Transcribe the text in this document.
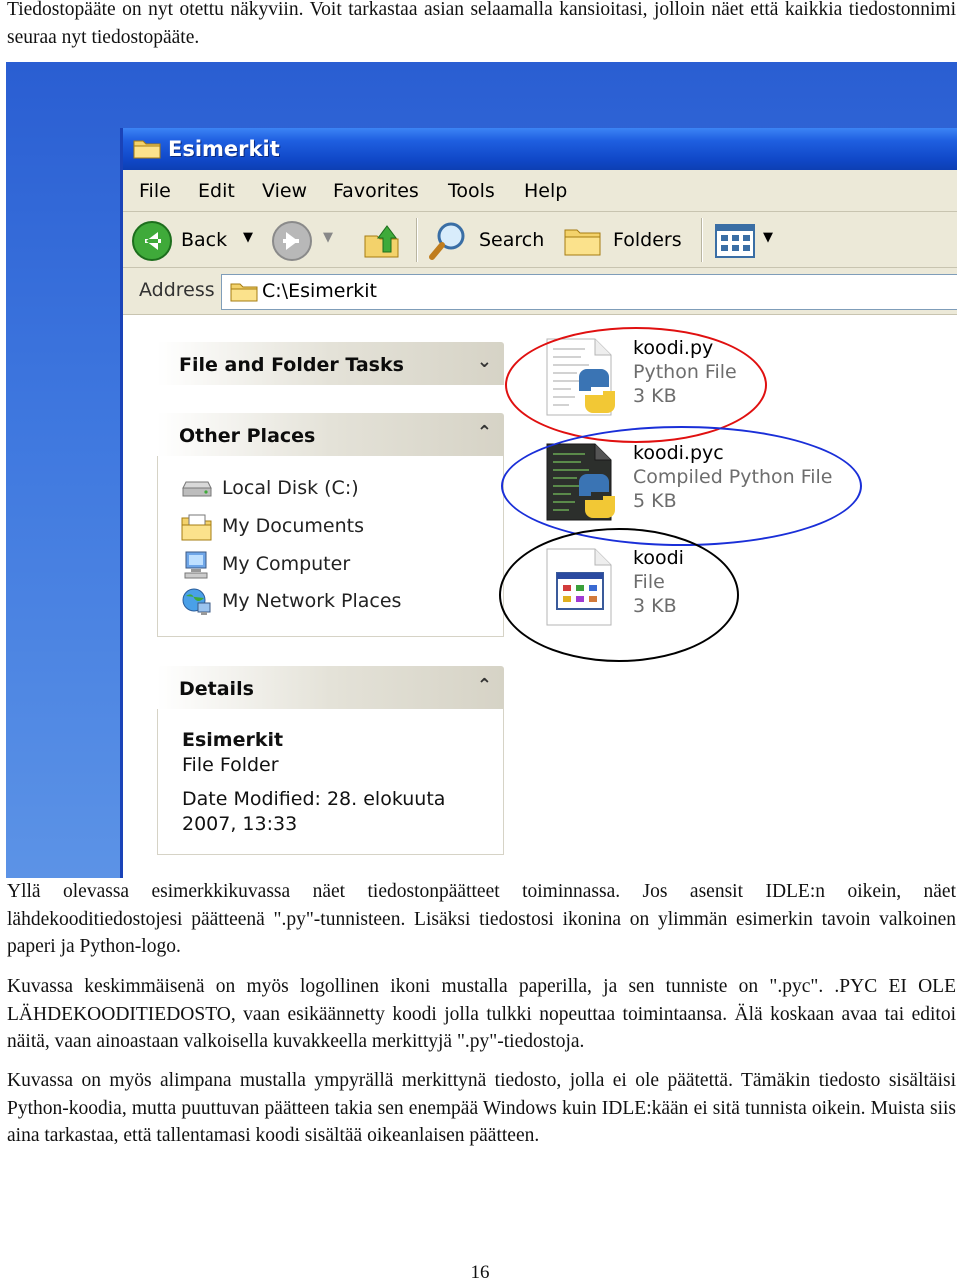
Tiedostopääte on nyt otettu näkyviin. Voit tarkastaa asian selaamalla kansioitasi, jolloin näet että kaikkia tiedostonnimi seuraa nyt tiedostopääte.
Esimerkit
File Edit View Favorites Tools Help
Back ▼	▼	Search	Folders	▼
Address C:\Esimerkit
File and Folder Tasks	⌄

Other Places	⌃
Local Disk (C:)
My Documents
My Computer
My Network Places
Details	⌃
Esimerkit
File Folder
Date Modified: 28. elokuuta 2007, 13:33
koodi.py
Python File
3 KB
koodi.pyc
Compiled Python File
5 KB
koodi
File
3 KB
Yllä olevassa esimerkkikuvassa näet tiedostonpäätteet toiminnassa. Jos asensit IDLE:n oikein, näet lähdekooditiedostojesi päätteenä ".py"-tunnisteen. Lisäksi tiedostosi ikonina on ylimmän esimerkin tavoin valkoinen paperi ja Python-logo.
Kuvassa keskimmäisenä on myös logollinen ikoni mustalla paperilla, ja sen tunniste on ".pyc". .PYC EI OLE LÄHDEKOODITIEDOSTO, vaan esikäännetty koodi jolla tulkki nopeuttaa toimintaansa. Älä koskaan avaa tai editoi näitä, vaan ainoastaan valkoisella kuvakkeella merkittyjä ".py"-tiedostoja.
Kuvassa on myös alimpana mustalla ympyrällä merkittynä tiedosto, jolla ei ole päätettä. Tämäkin tiedosto sisältäisi Python-koodia, mutta puuttuvan päätteen takia sen enempää Windows kuin IDLE:kään ei sitä tunnista oikein. Muista siis aina tarkastaa, että tallentamasi koodi sisältää oikeanlaisen päätteen.
16
